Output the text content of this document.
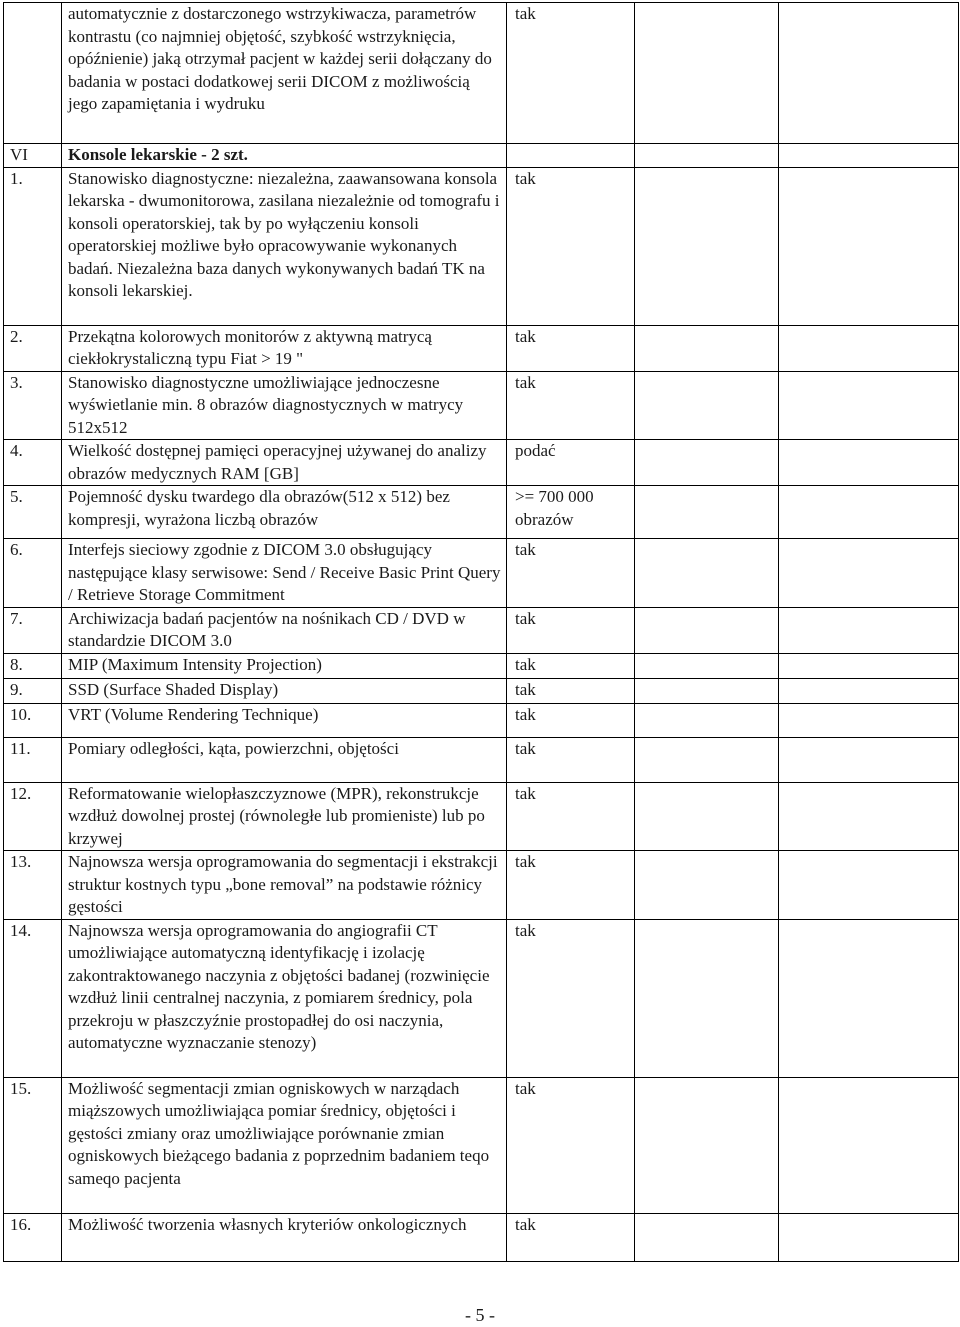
	automatycznie z dostarczonego wstrzykiwacza, parametrów kontrastu (co najmniej objętość, szybkość wstrzyknięcia, opóźnienie) jaką otrzymał pacjent w każdej serii dołączany do badania w postaci dodatkowej serii DICOM z możliwością jego zapamiętania i wydruku	tak		
VI	Konsole lekarskie - 2 szt.			
1.	Stanowisko diagnostyczne: niezależna, zaawansowana konsola lekarska - dwumonitorowa, zasilana niezależnie od tomografu i konsoli operatorskiej, tak by po wyłączeniu konsoli operatorskiej możliwe było opracowywanie wykonanych badań. Niezależna baza danych wykonywanych badań TK na konsoli lekarskiej.	tak		
2.	Przekątna kolorowych monitorów z aktywną matrycą ciekłokrystaliczną typu Fiat > 19 "	tak		
3.	Stanowisko diagnostyczne umożliwiające jednoczesne wyświetlanie min. 8 obrazów diagnostycznych w matrycy 512x512	tak		
4.	Wielkość dostępnej pamięci operacyjnej używanej do analizy obrazów medycznych RAM [GB]	podać		
5.	Pojemność dysku twardego dla obrazów(512 x 512) bez kompresji, wyrażona liczbą obrazów	>= 700 000 obrazów		
6.	Interfejs sieciowy zgodnie z DICOM 3.0 obsługujący następujące klasy serwisowe: Send / Receive Basic Print Query / Retrieve Storage Commitment	tak		
7.	Archiwizacja badań pacjentów na nośnikach CD / DVD w standardzie DICOM 3.0	tak		
8.	MIP (Maximum Intensity Projection)	tak		
9.	SSD (Surface Shaded Display)	tak		
10.	VRT (Volume Rendering Technique)	tak		
11.	Pomiary odległości, kąta, powierzchni, objętości	tak		
12.	Reformatowanie wielopłaszczyznowe (MPR), rekonstrukcje wzdłuż dowolnej prostej (równoległe lub promieniste) lub po krzywej	tak		
13.	Najnowsza wersja oprogramowania do segmentacji i ekstrakcji struktur kostnych typu „bone removal” na podstawie różnicy gęstości	tak		
14.	Najnowsza wersja oprogramowania do angiografii CT umożliwiające automatyczną identyfikację i izolację zakontraktowanego naczynia z objętości badanej (rozwinięcie wzdłuż linii centralnej naczynia, z pomiarem średnicy, pola przekroju w płaszczyźnie prostopadłej do osi naczynia, automatyczne wyznaczanie stenozy)	tak		
15.	Możliwość segmentacji zmian ogniskowych w narządach miąższowych umożliwiająca pomiar średnicy, objętości i gęstości zmiany oraz umożliwiające porównanie zmian ogniskowych bieżącego badania z poprzednim badaniem teqo sameqo pacjenta	tak		
16.	Możliwość tworzenia własnych kryteriów onkologicznych	tak		
- 5 -
